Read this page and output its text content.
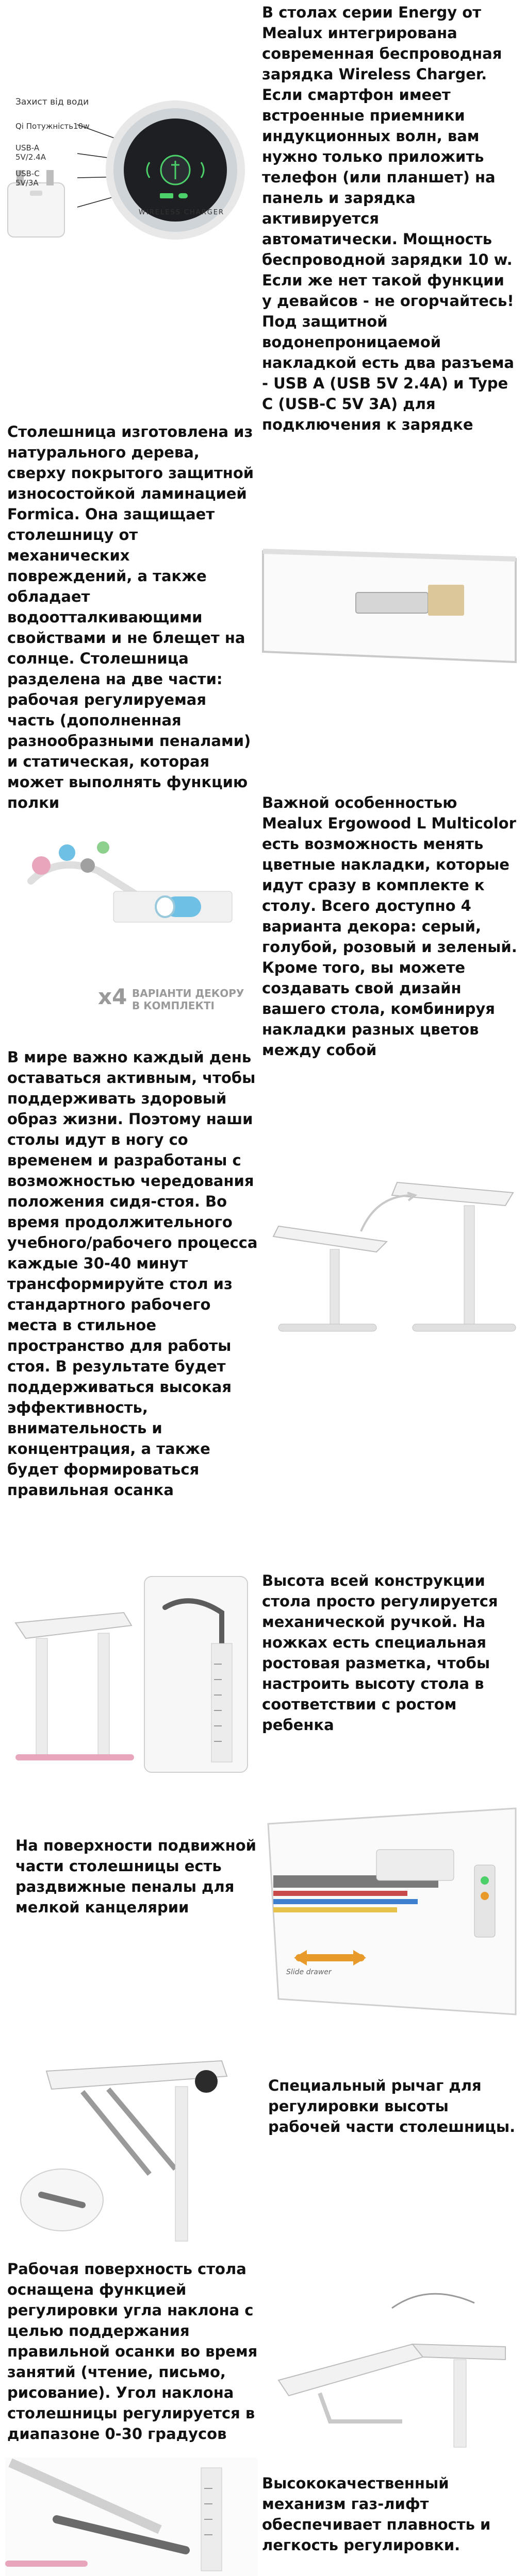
Захист від води
Qi Потужність10w
USB-A
5V/2.4A
USB-C
5V/3A
WIRELESS CHARGER
В столах серии Energy от Mealux интегрирована современная беспроводная зарядка Wireless Charger. Если смартфон имеет встроенные приемники индукционных волн, вам нужно только приложить телефон (или планшет) на панель и зарядка активируется автоматически. Мощность беспроводной зарядки 10 w. Если же нет такой функции у девайсов - не огорчайтесь! Под защитной водонепроницаемой накладкой есть два разъема - USB A (USB 5V 2.4A) и Type C (USB-C 5V 3A) для подключения к зарядке
Столешница изготовлена из натурального дерева, сверху покрытого защитной износостойкой ламинацией Formica. Она защищает столешницу от механических повреждений, а также обладает водоотталкивающими свойствами и не блещет на солнце. Столешница разделена на две части: рабочая регулируемая часть (дополненная разнообразными пеналами) и статическая, которая может выполнять функцию полки
x4 ВАРІАНТИ ДЕКОРУ
В КОМПЛЕКТІ
Важной особенностью Mealux Ergowood L Multicolor есть возможность менять цветные накладки, которые идут сразу в комплекте к столу. Всего доступно 4 варианта декора: серый, голубой, розовый и зеленый. Кроме того, вы можете создавать свой дизайн вашего стола, комбинируя накладки разных цветов между собой
В мире важно каждый день оставаться активным, чтобы поддерживать здоровый образ жизни. Поэтому наши столы идут в ногу со временем и разработаны с возможностью чередования положения сидя-стоя. Во время продолжительного учебного/рабочего процесса каждые 30-40 минут трансформируйте стол из стандартного рабочего места в стильное пространство для работы стоя. В результате будет поддерживаться высокая эффективность, внимательность и концентрация, а также будет формироваться правильная осанка
Высота всей конструкции стола просто регулируется механической ручкой. На ножках есть специальная ростовая разметка, чтобы настроить высоту стола в соответствии с ростом ребенка
На поверхности подвижной части столешницы есть раздвижные пеналы для мелкой канцелярии
Slide drawer
Специальный рычаг для регулировки высоты рабочей части столешницы.
Рабочая поверхность стола оснащена функцией регулировки угла наклона с целью поддержания правильной осанки во время занятий (чтение, письмо, рисование). Угол наклона столешницы регулируется в диапазоне 0-30 градусов
Высококачественный механизм газ-лифт обеспечивает плавность и легкость регулировки.
